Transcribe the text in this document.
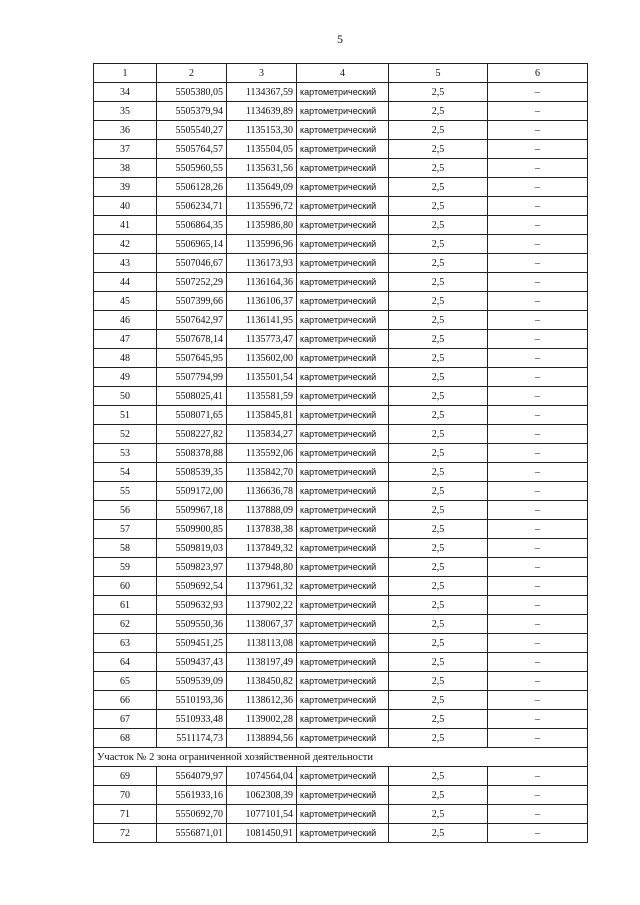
5
1	2	3	4	5	6
34	5505380,05	1134367,59	картометрический	2,5	–
35	5505379,94	1134639,89	картометрический	2,5	–
36	5505540,27	1135153,30	картометрический	2,5	–
37	5505764,57	1135504,05	картометрический	2,5	–
38	5505960,55	1135631,56	картометрический	2,5	–
39	5506128,26	1135649,09	картометрический	2,5	–
40	5506234,71	1135596,72	картометрический	2,5	–
41	5506864,35	1135986,80	картометрический	2,5	–
42	5506965,14	1135996,96	картометрический	2,5	–
43	5507046,67	1136173,93	картометрический	2,5	–
44	5507252,29	1136164,36	картометрический	2,5	–
45	5507399,66	1136106,37	картометрический	2,5	–
46	5507642,97	1136141,95	картометрический	2,5	–
47	5507678,14	1135773,47	картометрический	2,5	–
48	5507645,95	1135602,00	картометрический	2,5	–
49	5507794,99	1135501,54	картометрический	2,5	–
50	5508025,41	1135581,59	картометрический	2,5	–
51	5508071,65	1135845,81	картометрический	2,5	–
52	5508227,82	1135834,27	картометрический	2,5	–
53	5508378,88	1135592,06	картометрический	2,5	–
54	5508539,35	1135842,70	картометрический	2,5	–
55	5509172,00	1136636,78	картометрический	2,5	–
56	5509967,18	1137888,09	картометрический	2,5	–
57	5509900,85	1137838,38	картометрический	2,5	–
58	5509819,03	1137849,32	картометрический	2,5	–
59	5509823,97	1137948,80	картометрический	2,5	–
60	5509692,54	1137961,32	картометрический	2,5	–
61	5509632,93	1137902,22	картометрический	2,5	–
62	5509550,36	1138067,37	картометрический	2,5	–
63	5509451,25	1138113,08	картометрический	2,5	–
64	5509437,43	1138197,49	картометрический	2,5	–
65	5509539,09	1138450,82	картометрический	2,5	–
66	5510193,36	1138612,36	картометрический	2,5	–
67	5510933,48	1139002,28	картометрический	2,5	–
68	5511174,73	1138894,56	картометрический	2,5	–
Участок № 2 зона ограниченной хозяйственной деятельности					
69	5564079,97	1074564,04	картометрический	2,5	–
70	5561933,16	1062308,39	картометрический	2,5	–
71	5550692,70	1077101,54	картометрический	2,5	–
72	5556871,01	1081450,91	картометрический	2,5	–
